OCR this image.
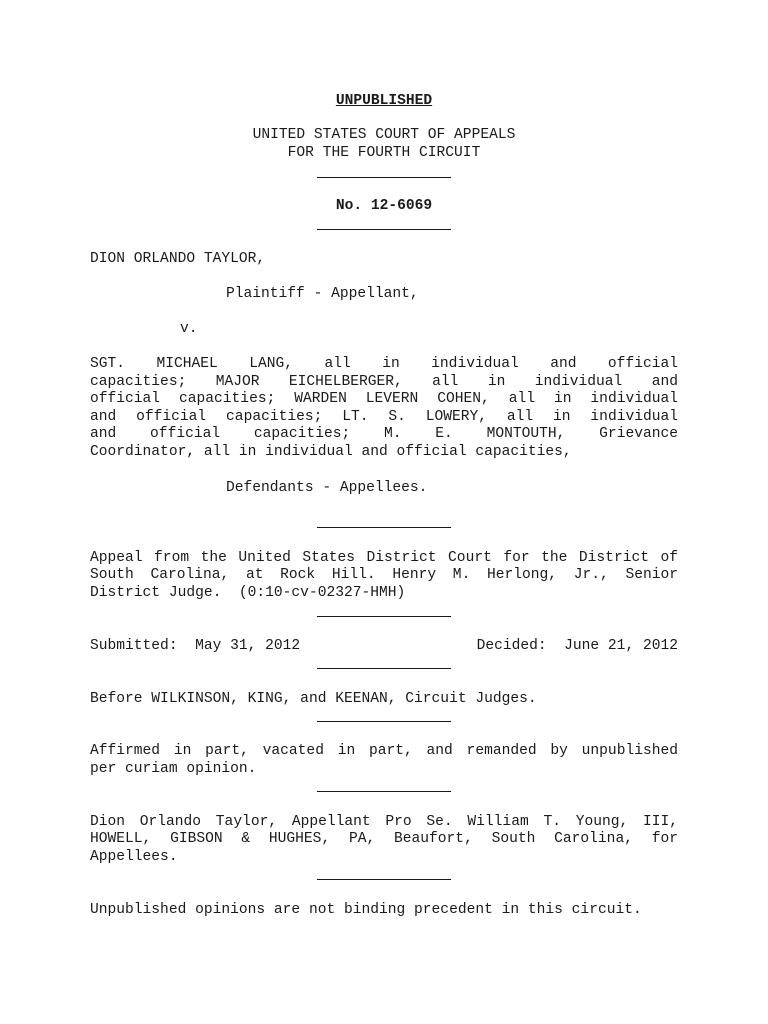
UNPUBLISHED
UNITED STATES COURT OF APPEALS
FOR THE FOURTH CIRCUIT
No. 12-6069
DION ORLANDO TAYLOR,
Plaintiff - Appellant,
v.
SGT. MICHAEL LANG, all in individual and official
capacities; MAJOR EICHELBERGER, all in individual and
official capacities; WARDEN LEVERN COHEN, all in individual
and official capacities; LT. S. LOWERY, all in individual
and official capacities; M. E. MONTOUTH, Grievance
Coordinator, all in individual and official capacities,
Defendants - Appellees.
Appeal from the United States District Court for the District of
South Carolina, at Rock Hill. Henry M. Herlong, Jr., Senior
District Judge.  (0:10-cv-02327-HMH)
Submitted:  May 31, 2012	Decided:  June 21, 2012
Before WILKINSON, KING, and KEENAN, Circuit Judges.
Affirmed in part, vacated in part, and remanded by unpublished
per curiam opinion.
Dion Orlando Taylor, Appellant Pro Se. William T. Young, III,
HOWELL, GIBSON & HUGHES, PA, Beaufort, South Carolina, for
Appellees.
Unpublished opinions are not binding precedent in this circuit.
